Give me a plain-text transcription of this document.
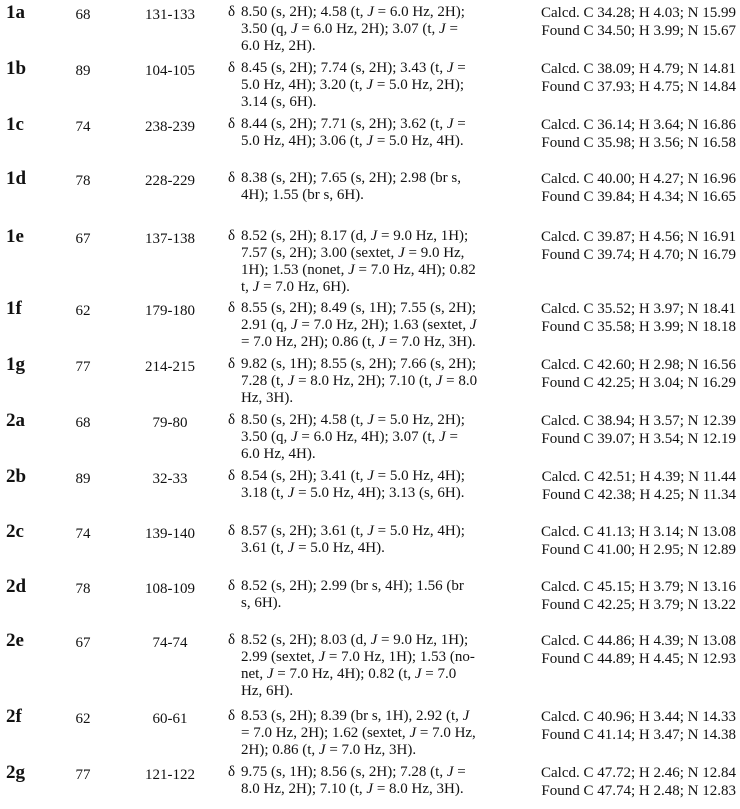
1a	68	131-133	δ 8.50 (s, 2H); 4.58 (t, J = 6.0 Hz, 2H);
3.50 (q, J = 6.0 Hz, 2H); 3.07 (t, J =
6.0 Hz, 2H).
Calcd. C 34.28; H 4.03; N 15.99
Found C 34.50; H 3.99; N 15.67
1b	89	104-105	δ 8.45 (s, 2H); 7.74 (s, 2H); 3.43 (t, J =
5.0 Hz, 4H); 3.20 (t, J = 5.0 Hz, 2H);
3.14 (s, 6H).
Calcd. C 38.09; H 4.79; N 14.81
Found C 37.93; H 4.75; N 14.84
1c	74	238-239	δ 8.44 (s, 2H); 7.71 (s, 2H); 3.62 (t, J =
5.0 Hz, 4H); 3.06 (t, J = 5.0 Hz, 4H).
Calcd. C 36.14; H 3.64; N 16.86
Found C 35.98; H 3.56; N 16.58
1d	78	228-229	δ 8.38 (s, 2H); 7.65 (s, 2H); 2.98 (br s,
4H); 1.55 (br s, 6H).
Calcd. C 40.00; H 4.27; N 16.96
Found C 39.84; H 4.34; N 16.65
1e	67	137-138	δ 8.52 (s, 2H); 8.17 (d, J = 9.0 Hz, 1H);
7.57 (s, 2H); 3.00 (sextet, J = 9.0 Hz,
1H); 1.53 (nonet, J = 7.0 Hz, 4H); 0.82
t, J = 7.0 Hz, 6H).
Calcd. C 39.87; H 4.56; N 16.91
Found C 39.74; H 4.70; N 16.79
1f	62	179-180	δ 8.55 (s, 2H); 8.49 (s, 1H); 7.55 (s, 2H);
2.91 (q, J = 7.0 Hz, 2H); 1.63 (sextet, J
= 7.0 Hz, 2H); 0.86 (t, J = 7.0 Hz, 3H).
Calcd. C 35.52; H 3.97; N 18.41
Found C 35.58; H 3.99; N 18.18
1g	77	214-215	δ 9.82 (s, 1H); 8.55 (s, 2H); 7.66 (s, 2H);
7.28 (t, J = 8.0 Hz, 2H); 7.10 (t, J = 8.0
Hz, 3H).
Calcd. C 42.60; H 2.98; N 16.56
Found C 42.25; H 3.04; N 16.29
2a	68	79-80	δ 8.50 (s, 2H); 4.58 (t, J = 5.0 Hz, 2H);
3.50 (q, J = 6.0 Hz, 4H); 3.07 (t, J =
6.0 Hz, 4H).
Calcd. C 38.94; H 3.57; N 12.39
Found C 39.07; H 3.54; N 12.19
2b	89	32-33	δ 8.54 (s, 2H); 3.41 (t, J = 5.0 Hz, 4H);
3.18 (t, J = 5.0 Hz, 4H); 3.13 (s, 6H).
Calcd. C 42.51; H 4.39; N 11.44
Found C 42.38; H 4.25; N 11.34
2c	74	139-140	δ 8.57 (s, 2H); 3.61 (t, J = 5.0 Hz, 4H);
3.61 (t, J = 5.0 Hz, 4H).
Calcd. C 41.13; H 3.14; N 13.08
Found C 41.00; H 2.95; N 12.89
2d	78	108-109	δ 8.52 (s, 2H); 2.99 (br s, 4H); 1.56 (br
s, 6H).
Calcd. C 45.15; H 3.79; N 13.16
Found C 42.25; H 3.79; N 13.22
2e	67	74-74	δ 8.52 (s, 2H); 8.03 (d, J = 9.0 Hz, 1H);
2.99 (sextet, J = 7.0 Hz, 1H); 1.53 (no-
net, J = 7.0 Hz, 4H); 0.82 (t, J = 7.0
Hz, 6H).
Calcd. C 44.86; H 4.39; N 13.08
Found C 44.89; H 4.45; N 12.93
2f	62	60-61	δ 8.53 (s, 2H); 8.39 (br s, 1H), 2.92 (t, J
= 7.0 Hz, 2H); 1.62 (sextet, J = 7.0 Hz,
2H); 0.86 (t, J = 7.0 Hz, 3H).
Calcd. C 40.96; H 3.44; N 14.33
Found C 41.14; H 3.47; N 14.38
2g	77	121-122	δ 9.75 (s, 1H); 8.56 (s, 2H); 7.28 (t, J =
8.0 Hz, 2H); 7.10 (t, J = 8.0 Hz, 3H).
Calcd. C 47.72; H 2.46; N 12.84
Found C 47.74; H 2.48; N 12.83
